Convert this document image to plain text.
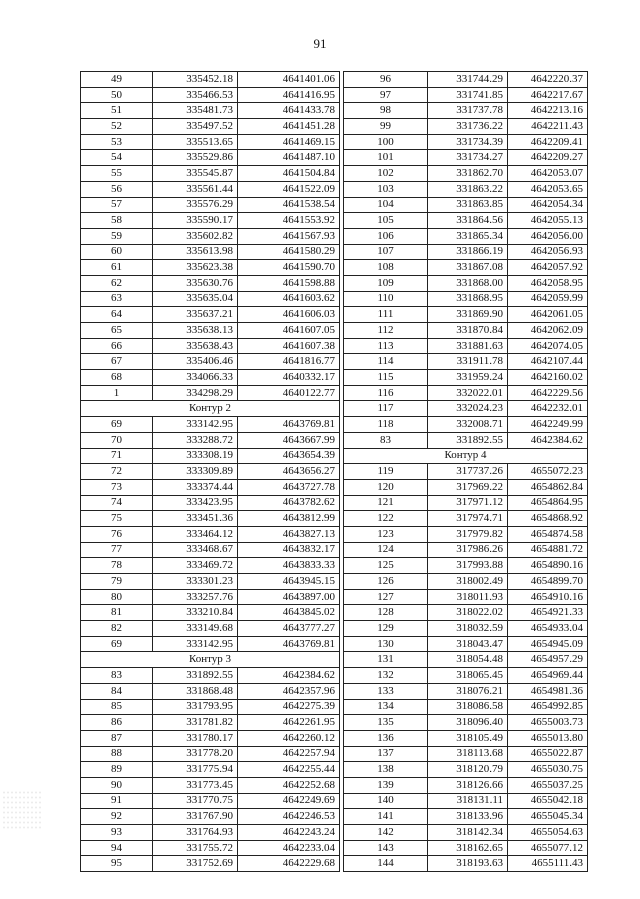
91
49	335452.18	4641401.06
50	335466.53	4641416.95
51	335481.73	4641433.78
52	335497.52	4641451.28
53	335513.65	4641469.15
54	335529.86	4641487.10
55	335545.87	4641504.84
56	335561.44	4641522.09
57	335576.29	4641538.54
58	335590.17	4641553.92
59	335602.82	4641567.93
60	335613.98	4641580.29
61	335623.38	4641590.70
62	335630.76	4641598.88
63	335635.04	4641603.62
64	335637.21	4641606.03
65	335638.13	4641607.05
66	335638.43	4641607.38
67	335406.46	4641816.77
68	334066.33	4640332.17
1	334298.29	4640122.77
Контур 2		
69	333142.95	4643769.81
70	333288.72	4643667.99
71	333308.19	4643654.39
72	333309.89	4643656.27
73	333374.44	4643727.78
74	333423.95	4643782.62
75	333451.36	4643812.99
76	333464.12	4643827.13
77	333468.67	4643832.17
78	333469.72	4643833.33
79	333301.23	4643945.15
80	333257.76	4643897.00
81	333210.84	4643845.02
82	333149.68	4643777.27
69	333142.95	4643769.81
Контур 3		
83	331892.55	4642384.62
84	331868.48	4642357.96
85	331793.95	4642275.39
86	331781.82	4642261.95
87	331780.17	4642260.12
88	331778.20	4642257.94
89	331775.94	4642255.44
90	331773.45	4642252.68
91	331770.75	4642249.69
92	331767.90	4642246.53
93	331764.93	4642243.24
94	331755.72	4642233.04
95	331752.69	4642229.68
96	331744.29	4642220.37
97	331741.85	4642217.67
98	331737.78	4642213.16
99	331736.22	4642211.43
100	331734.39	4642209.41
101	331734.27	4642209.27
102	331862.70	4642053.07
103	331863.22	4642053.65
104	331863.85	4642054.34
105	331864.56	4642055.13
106	331865.34	4642056.00
107	331866.19	4642056.93
108	331867.08	4642057.92
109	331868.00	4642058.95
110	331868.95	4642059.99
111	331869.90	4642061.05
112	331870.84	4642062.09
113	331881.63	4642074.05
114	331911.78	4642107.44
115	331959.24	4642160.02
116	332022.01	4642229.56
117	332024.23	4642232.01
118	332008.71	4642249.99
83	331892.55	4642384.62
Контур 4		
119	317737.26	4655072.23
120	317969.22	4654862.84
121	317971.12	4654864.95
122	317974.71	4654868.92
123	317979.82	4654874.58
124	317986.26	4654881.72
125	317993.88	4654890.16
126	318002.49	4654899.70
127	318011.93	4654910.16
128	318022.02	4654921.33
129	318032.59	4654933.04
130	318043.47	4654945.09
131	318054.48	4654957.29
132	318065.45	4654969.44
133	318076.21	4654981.36
134	318086.58	4654992.85
135	318096.40	4655003.73
136	318105.49	4655013.80
137	318113.68	4655022.87
138	318120.79	4655030.75
139	318126.66	4655037.25
140	318131.11	4655042.18
141	318133.96	4655045.34
142	318142.34	4655054.63
143	318162.65	4655077.12
144	318193.63	4655111.43
